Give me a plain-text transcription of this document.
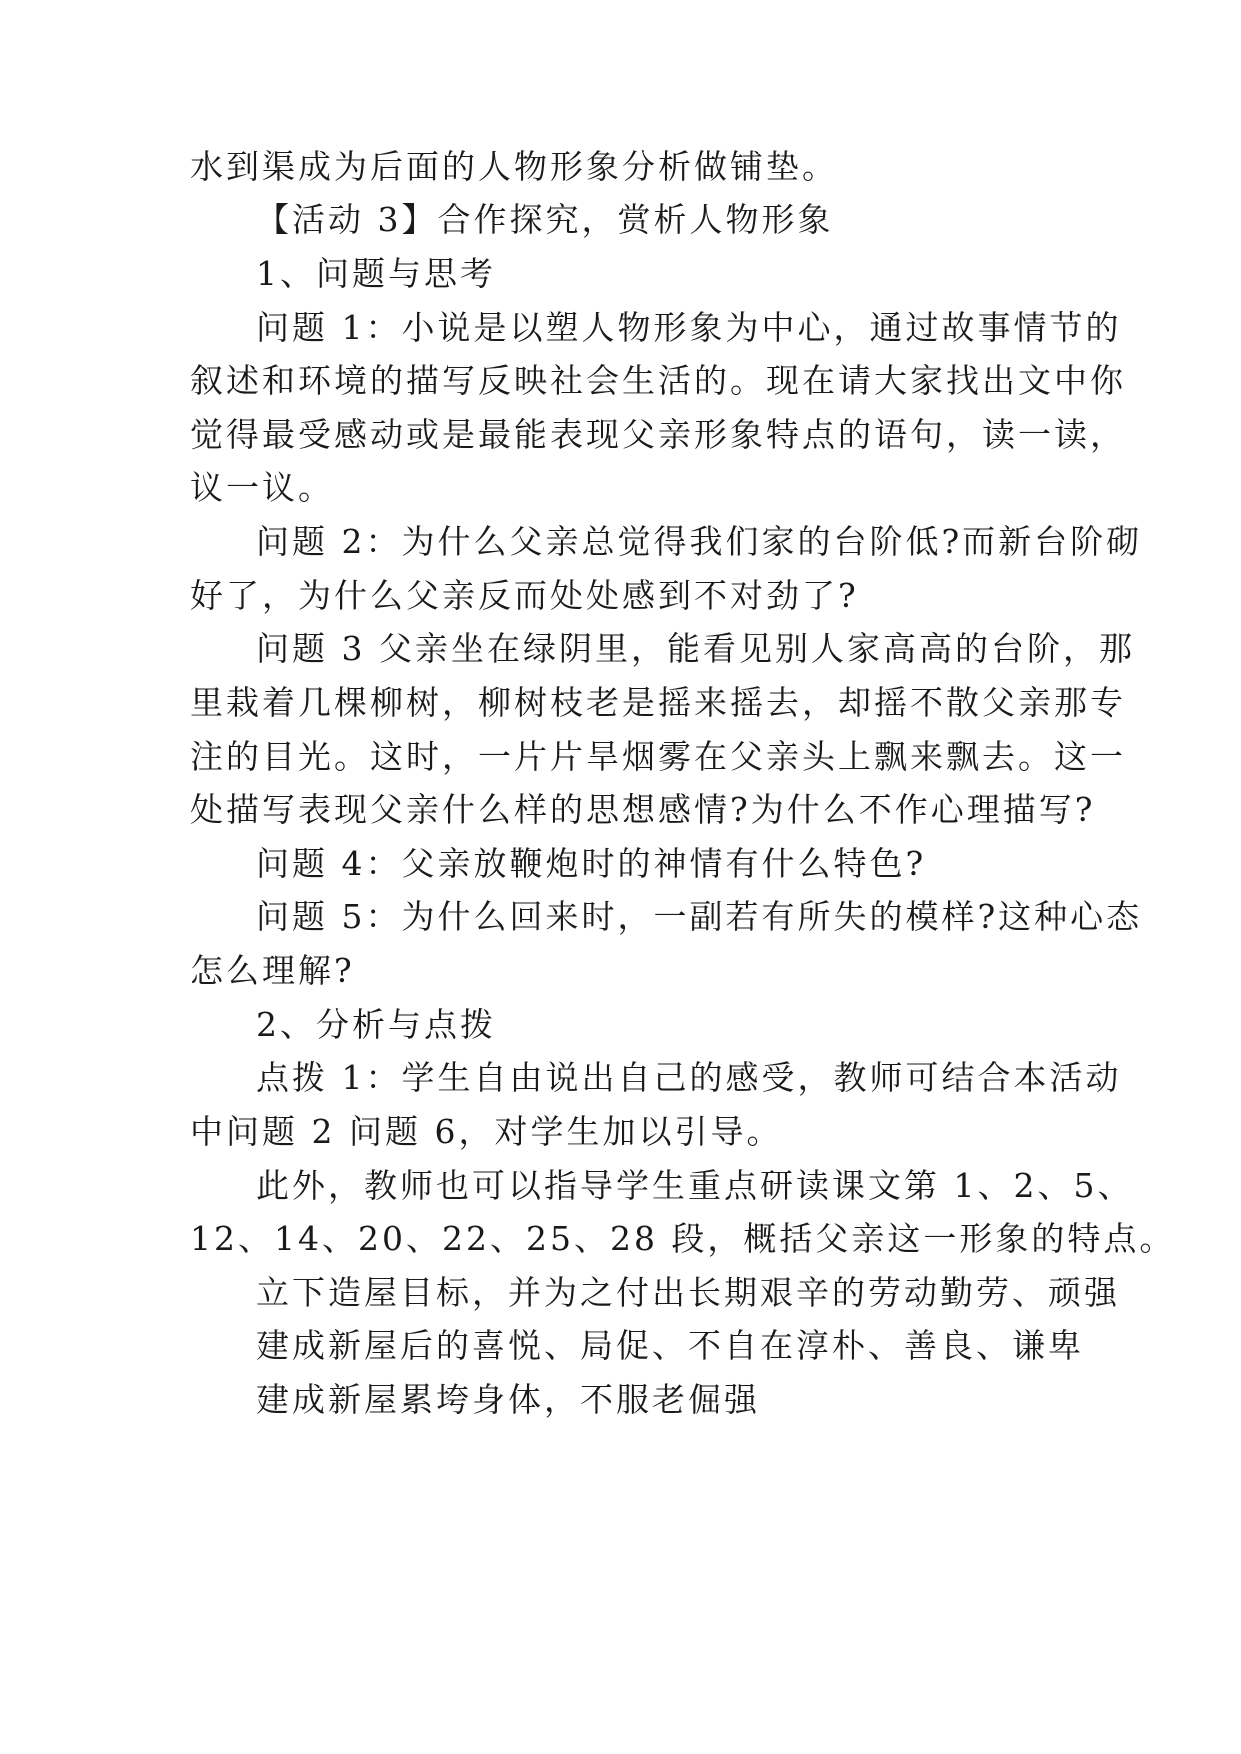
水到渠成为后面的人物形象分析做铺垫。
【活动 3】合作探究，赏析人物形象
1、问题与思考
问题 1：小说是以塑人物形象为中心，通过故事情节的
叙述和环境的描写反映社会生活的。现在请大家找出文中你
觉得最受感动或是最能表现父亲形象特点的语句，读一读，
议一议。
问题 2：为什么父亲总觉得我们家的台阶低?而新台阶砌
好了，为什么父亲反而处处感到不对劲了?
问题 3 父亲坐在绿阴里，能看见别人家高高的台阶，那
里栽着几棵柳树，柳树枝老是摇来摇去，却摇不散父亲那专
注的目光。这时，一片片旱烟雾在父亲头上飘来飘去。这一
处描写表现父亲什么样的思想感情?为什么不作心理描写?
问题 4：父亲放鞭炮时的神情有什么特色?
问题 5：为什么回来时，一副若有所失的模样?这种心态
怎么理解?
2、分析与点拨
点拨 1：学生自由说出自己的感受，教师可结合本活动
中问题 2 问题 6，对学生加以引导。
此外，教师也可以指导学生重点研读课文第 1、2、5、
12、14、20、22、25、28 段，概括父亲这一形象的特点。
立下造屋目标，并为之付出长期艰辛的劳动勤劳、顽强
建成新屋后的喜悦、局促、不自在淳朴、善良、谦卑
建成新屋累垮身体，不服老倔强
